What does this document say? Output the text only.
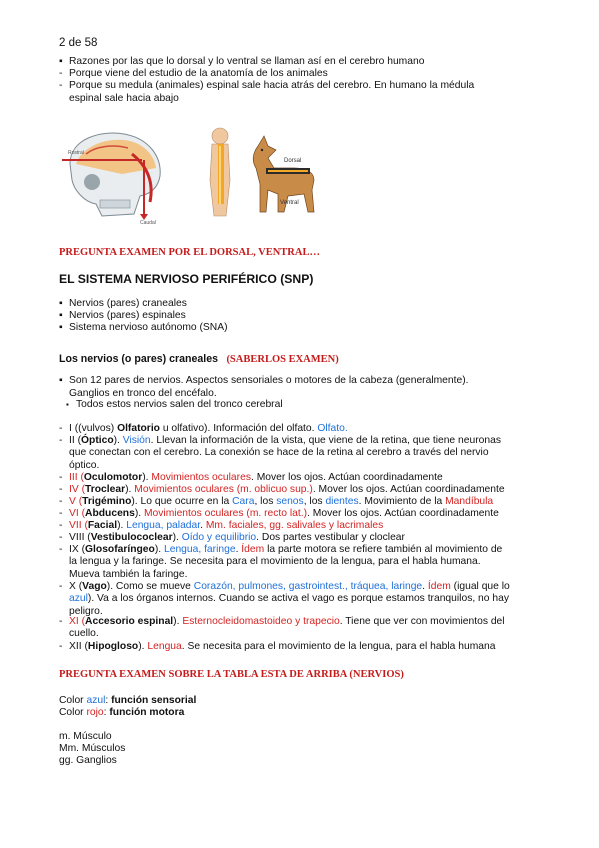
2 de 58
▪ Razones por las que lo dorsal y lo ventral se llaman así en el cerebro humano
- Porque viene del estudio de la anatomía de los animales
- Porque su medula (animales) espinal sale hacia atrás del cerebro. En humano la médula
espinal sale hacia abajo
Rostral
Caudal
Dorsal
Ventral
PREGUNTA EXAMEN POR EL DORSAL, VENTRAL…
EL SISTEMA NERVIOSO PERIFÉRICO (SNP)
▪ Nervios (pares) craneales
▪ Nervios (pares) espinales
▪ Sistema nervioso autónomo (SNA)
Los nervios (o pares) craneales (SABERLOS EXAMEN)
▪ Son 12 pares de nervios. Aspectos sensoriales o motores de la cabeza (generalmente).
Ganglios en tronco del encéfalo.
▪ Todos estos nervios salen del tronco cerebral
- I ((vulvos) Olfatorio u olfativo). Información del olfato. Olfato.
- II (Óptico). Visión. Llevan la información de la vista, que viene de la retina, que tiene neuronas
que conectan con el cerebro. La conexión se hace de la retina al cerebro a través del nervio
óptico.
- III (Oculomotor). Movimientos oculares. Mover los ojos. Actúan coordinadamente
- IV (Troclear). Movimientos oculares (m. oblicuo sup.). Mover los ojos. Actúan coordinadamente
- V (Trigémino). Lo que ocurre en la Cara, los senos, los dientes. Movimiento de la Mandíbula
- VI (Abducens). Movimientos oculares (m. recto lat.). Mover los ojos. Actúan coordinadamente
- VII (Facial). Lengua, paladar. Mm. faciales, gg. salivales y lacrimales
- VIII (Vestibulococlear). Oído y equilibrio. Dos partes vestibular y cloclear
- IX (Glosofaríngeo). Lengua, faringe. Ídem la parte motora se refiere también al movimiento de
la lengua y la faringe. Se necesita para el movimiento de la lengua, para el habla humana.
Mueva también la faringe.
- X (Vago). Como se mueve Corazón, pulmones, gastrointest., tráquea, laringe. Ídem (igual que lo
azul). Va a los órganos internos. Cuando se activa el vago es porque estamos tranquilos, no hay
peligro.
- XI (Accesorio espinal). Esternocleidomastoideo y trapecio. Tiene que ver con movimientos del
cuello.
- XII (Hipogloso). Lengua. Se necesita para el movimiento de la lengua, para el habla humana
PREGUNTA EXAMEN SOBRE LA TABLA ESTA DE ARRIBA (NERVIOS)
Color azul: función sensorial
Color rojo: función motora
m. Músculo
Mm. Músculos
gg. Ganglios
